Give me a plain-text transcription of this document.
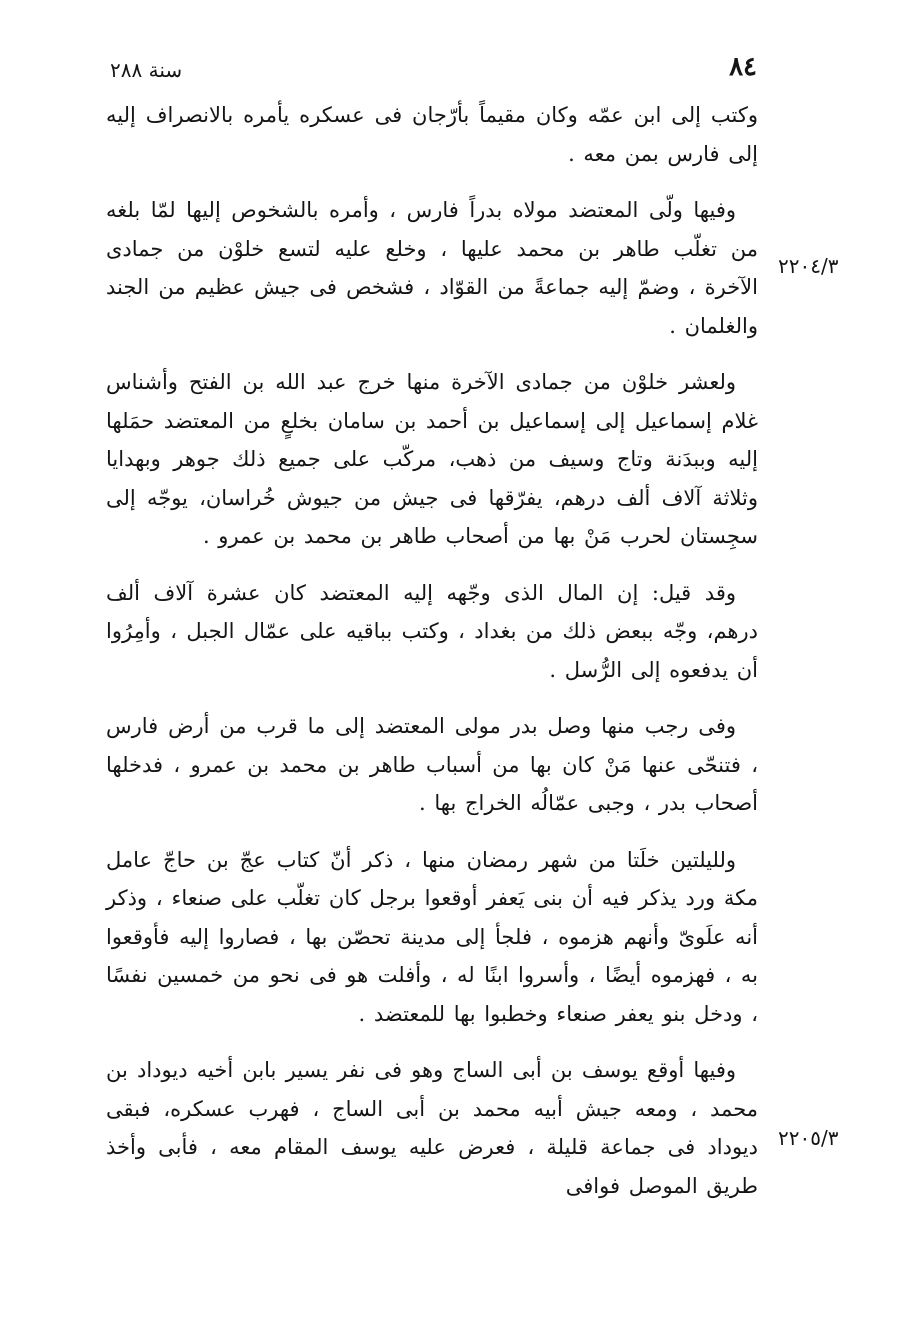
٨٤
سنة ٢٨٨
٢٢٠٤/٣
٢٢٠٥/٣

وكتب إلى ابن عمّه وكان مقيماً بأرّجان فى عسكره يأمره بالانصراف إليه إلى فارس بمن معه .

وفيها ولّى المعتضد مولاه بدراً فارس ، وأمره بالشخوص إليها لمّا بلغه من تغلّب طاهر بن محمد عليها ، وخلع عليه لتسع خلوْن من جمادى الآخرة ، وضمّ إليه جماعةً من القوّاد ، فشخص فى جيش عظيم من الجند والغلمان .

ولعشر خلوْن من جمادى الآخرة منها خرج عبد الله بن الفتح وأشناس غلام إسماعيل إلى إسماعيل بن أحمد بن سامان بخلعٍ من المعتضد حمَلها إليه وببدَنة وتاج وسيف من ذهب، مركّب على جميع ذلك جوهر وبهدايا وثلاثة آلاف ألف درهم، يفرّقها فى جيش من جيوش خُراسان، يوجّه إلى سجِستان لحرب مَنْ بها من أصحاب طاهر بن محمد بن عمرو .

وقد قيل: إن المال الذى وجّهه إليه المعتضد كان عشرة آلاف ألف درهم، وجّه ببعض ذلك من بغداد ، وكتب بباقيه على عمّال الجبل ، وأمِرُوا أن يدفعوه إلى الرُّسل .

وفى رجب منها وصل بدر مولى المعتضد إلى ما قرب من أرض فارس ، فتنحّى عنها مَنْ كان بها من أسباب طاهر بن محمد بن عمرو ، فدخلها أصحاب بدر ، وجبى عمّالُه الخراج بها .

ولليلتين خلَتا من شهر رمضان منها ، ذكر أنّ كتاب عجّ بن حاجّ عامل مكة ورد يذكر فيه أن بنى يَعفر أوقعوا برجل كان تغلّب على صنعاء ، وذكر أنه علَوىّ وأنهم هزموه ، فلجأ إلى مدينة تحصّن بها ، فصاروا إليه فأوقعوا به ، فهزموه أيضًا ، وأسروا ابنًا له ، وأفلت هو فى نحو من خمسين نفسًا ، ودخل بنو يعفر صنعاء وخطبوا بها للمعتضد .

وفيها أوقع يوسف بن أبى الساج وهو فى نفر يسير بابن أخيه ديوداد بن محمد ، ومعه جيش أبيه محمد بن أبى الساج ، فهرب عسكره، فبقى ديوداد فى جماعة قليلة ، فعرض عليه يوسف المقام معه ، فأبى وأخذ طريق الموصل فوافى
